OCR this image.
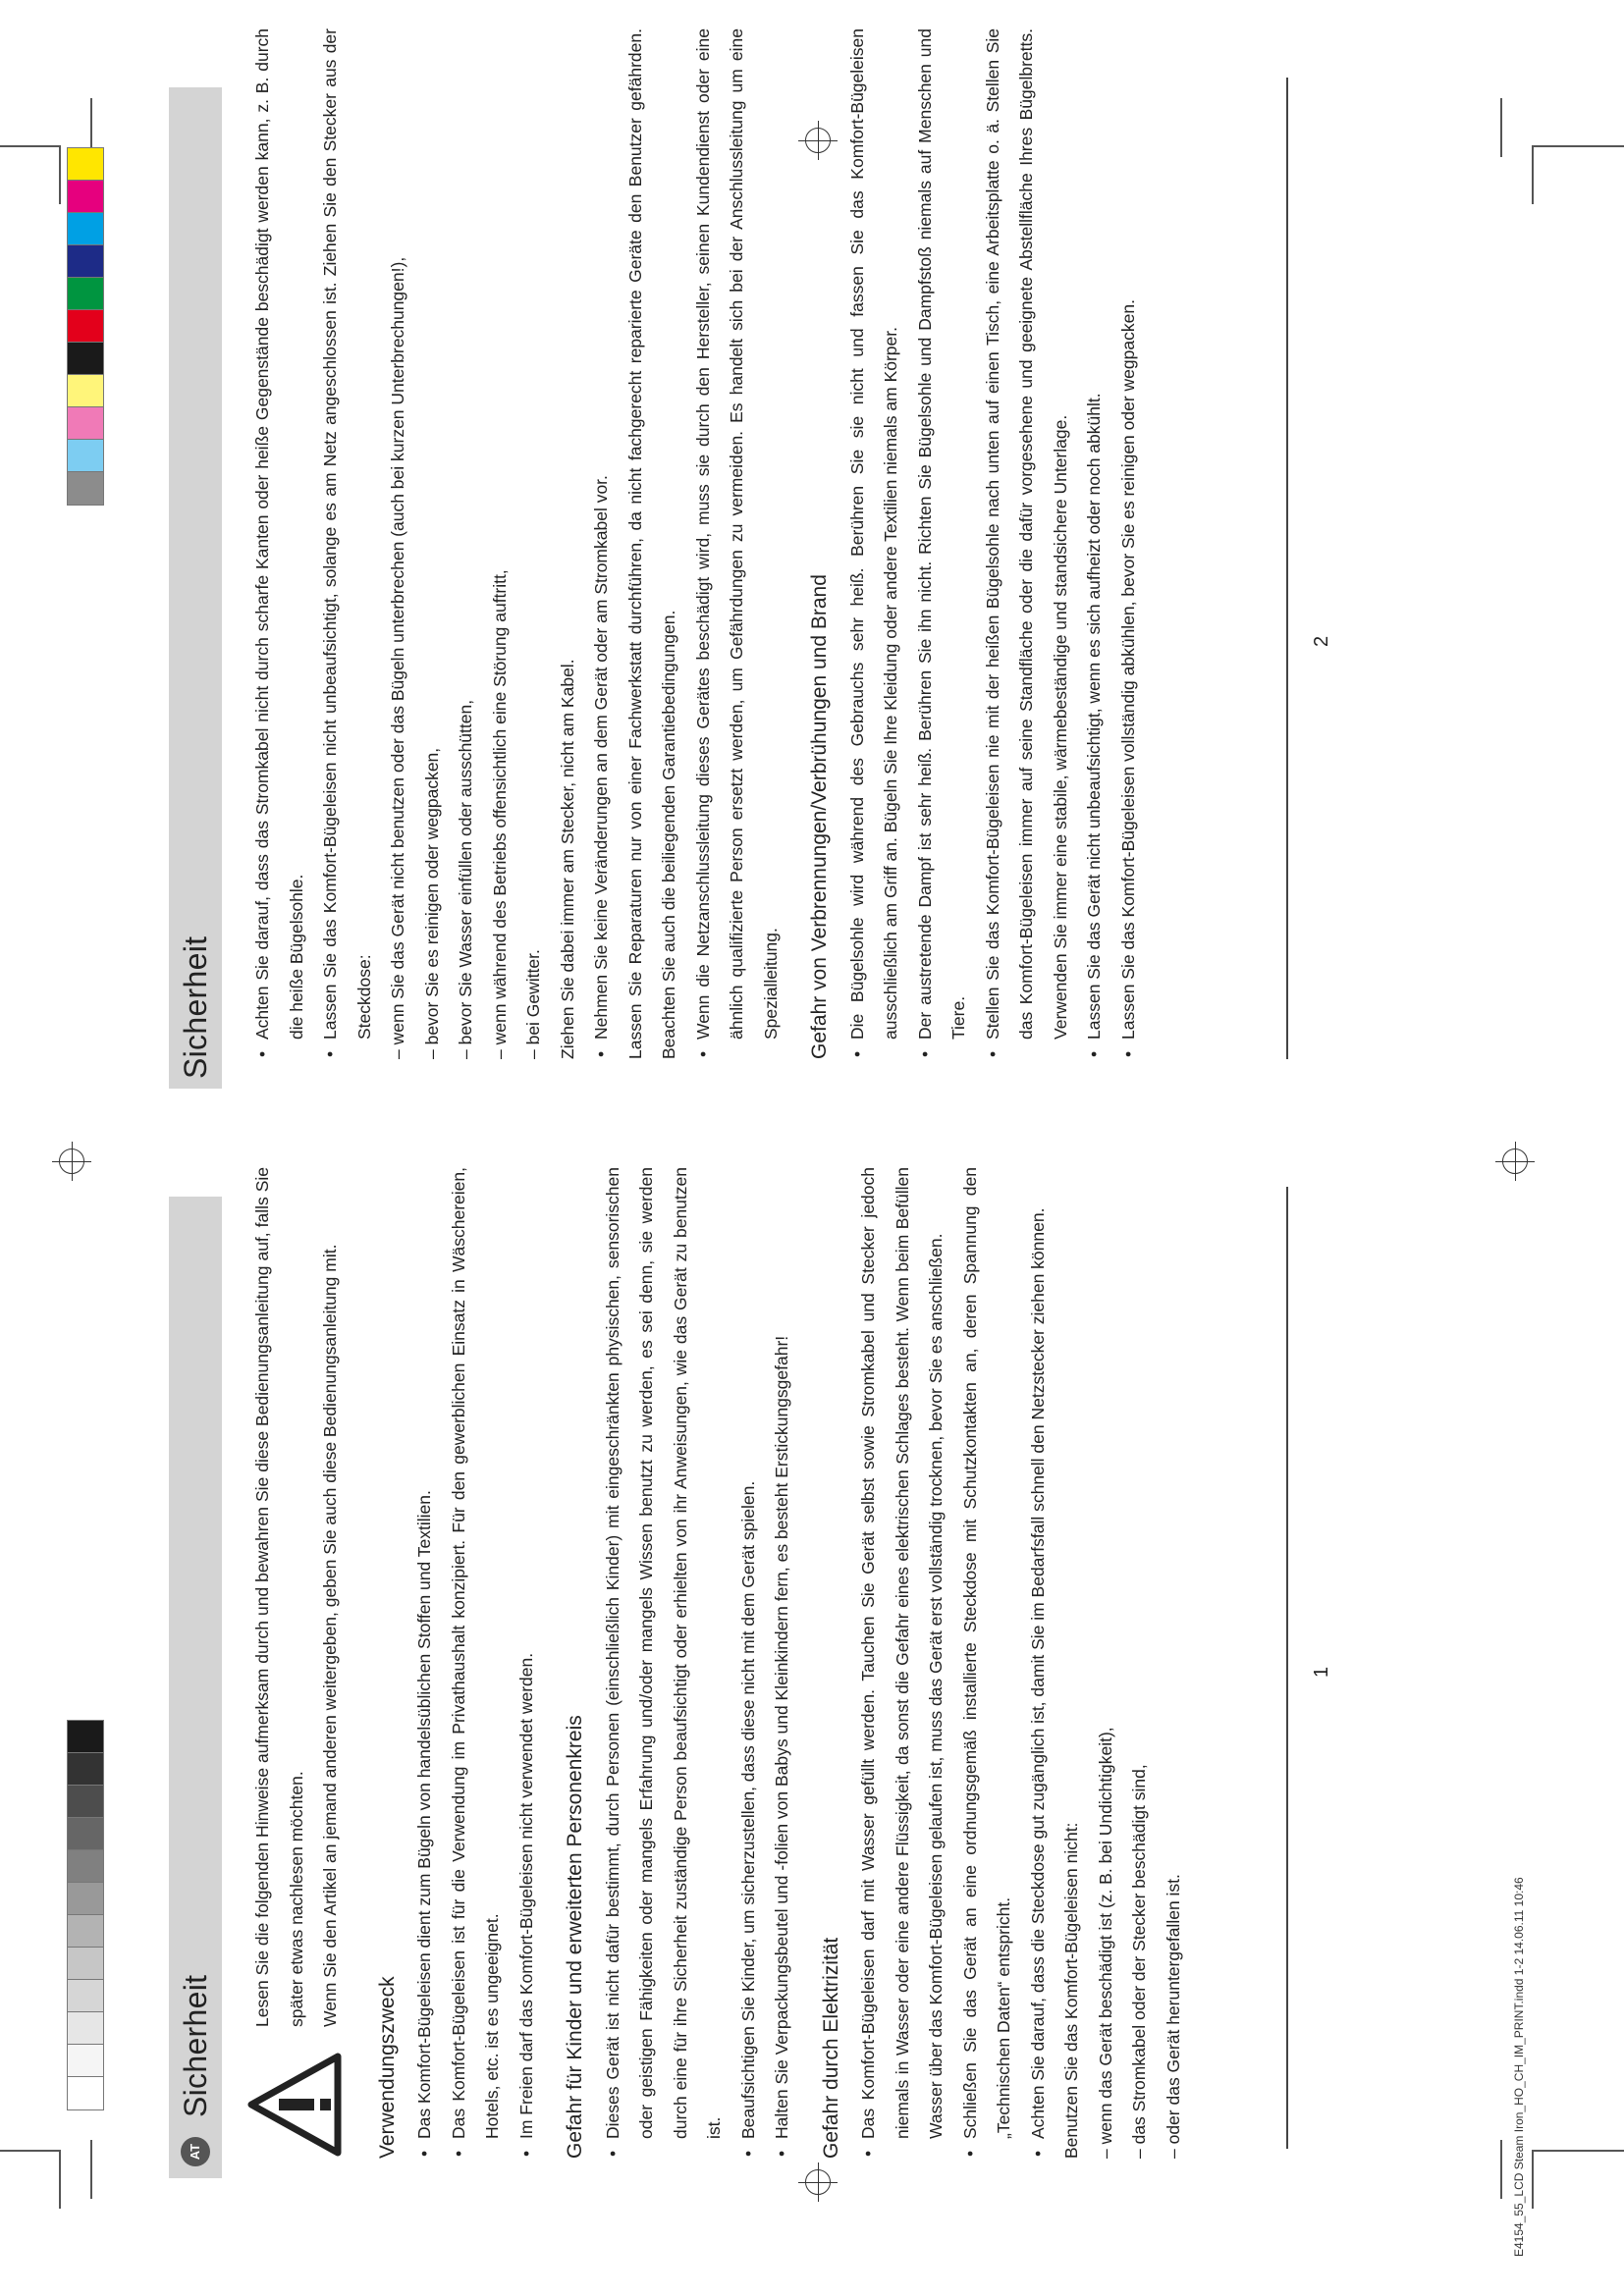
AT
Sicherheit

Lesen Sie die folgenden Hinweise aufmerksam durch und bewahren Sie diese Bedienungsanleitung auf, falls Sie später etwas nachlesen möchten. Wenn Sie den Artikel an jemand anderen weitergeben, geben Sie auch diese Bedienungsanleitung mit.

Verwendungszweck • Das Komfort-Bügeleisen dient zum Bügeln von handelsüblichen Stoffen und Textilien. • Das Komfort-Bügeleisen ist für die Verwendung im Privathaushalt konzipiert. Für den gewerblichen Einsatz in Wäschereien, Hotels, etc. ist es ungeeignet. • Im Freien darf das Komfort-Bügeleisen nicht verwendet werden.	Gefahr für Kinder und erweiterten Personenkreis • Dieses Gerät ist nicht dafür bestimmt, durch Personen (einschließlich Kinder) mit eingeschränkten physischen, sensorischen oder geistigen Fähigkeiten oder mangels Erfahrung und/oder mangels Wissen benutzt zu werden, es sei denn, sie werden durch eine für ihre Sicherheit zuständige Person beaufsichtigt oder erhielten von ihr Anweisungen, wie das Gerät zu benutzen ist. • Beaufsichtigen Sie Kinder, um sicherzustellen, dass diese nicht mit dem Gerät spielen. • Halten Sie Verpackungsbeutel und -folien von Babys und Kleinkindern fern, es besteht Erstickungsgefahr!	Gefahr durch Elektrizität • Das Komfort-Bügeleisen darf mit Wasser gefüllt werden. Tauchen Sie Gerät selbst sowie Stromkabel und Stecker jedoch niemals in Wasser oder eine andere Flüssigkeit, da sonst die Gefahr eines elektrischen Schlages besteht. Wenn beim Befüllen Wasser über das Komfort-Bügeleisen gelaufen ist, muss das Gerät erst vollständig trocknen, bevor Sie es anschließen. • Schließen Sie das Gerät an eine ordnungsgemäß installierte Steckdose mit Schutzkontakten an, deren Spannung den „Technischen Daten“ entspricht. • Achten Sie darauf, dass die Steckdose gut zugänglich ist, damit Sie im Bedarfsfall schnell den Netzstecker ziehen können. Benutzen Sie das Komfort-Bügeleisen nicht: – wenn das Gerät beschädigt ist (z. B. bei Undichtigkeit), – das Stromkabel oder der Stecker beschädigt sind, – oder das Gerät heruntergefallen ist.

1
E4154_55_LCD Steam Iron_HO_CH_IM_PRINT.indd 1-2 14.06.11 10:46
Sicherheit	• Achten Sie darauf, dass das Stromkabel nicht durch scharfe Kanten oder heiße Gegenstände beschädigt werden kann, z. B. durch die heiße Bügelsohle. • Lassen Sie das Komfort-Bügeleisen nicht unbeaufsichtigt, solange es am Netz angeschlossen ist. Ziehen Sie den Stecker aus der Steckdose: – wenn Sie das Gerät nicht benutzen oder das Bügeln unterbrechen (auch bei kurzen Unterbrechungen!), – bevor Sie es reinigen oder wegpacken, – bevor Sie Wasser einfüllen oder ausschütten, – wenn während des Betriebs offensichtlich eine Störung auftritt, – bei Gewitter. Ziehen Sie dabei immer am Stecker, nicht am Kabel. • Nehmen Sie keine Veränderungen an dem Gerät oder am Stromkabel vor. Lassen Sie Reparaturen nur von einer Fachwerkstatt durchführen, da nicht fachgerecht reparierte Geräte den Benutzer gefährden. Beachten Sie auch die beiliegenden Garantiebedingungen. • Wenn die Netzanschlussleitung dieses Gerätes beschädigt wird, muss sie durch den Hersteller, seinen Kundendienst oder eine ähnlich qualifizierte Person ersetzt werden, um Gefährdungen zu vermeiden. Es handelt sich bei der Anschlussleitung um eine Spezialleitung.	Gefahr von Verbrennungen/Verbrühungen und Brand • Die Bügelsohle wird während des Gebrauchs sehr heiß. Berühren Sie sie nicht und fassen Sie das Komfort-Bügeleisen ausschließlich am Griff an. Bügeln Sie Ihre Kleidung oder andere Textilien niemals am Körper. • Der austretende Dampf ist sehr heiß. Berühren Sie ihn nicht. Richten Sie Bügelsohle und Dampfstoß niemals auf Menschen und Tiere. • Stellen Sie das Komfort-Bügeleisen nie mit der heißen Bügelsohle nach unten auf einen Tisch, eine Arbeitsplatte o. ä. Stellen Sie das Komfort-Bügeleisen immer auf seine Standfläche oder die dafür vorgesehene und geeignete Abstellfläche Ihres Bügelbretts. Verwenden Sie immer eine stabile, wärmebeständige und standsichere Unterlage. • Lassen Sie das Gerät nicht unbeaufsichtigt, wenn es sich aufheizt oder noch abkühlt. • Lassen Sie das Komfort-Bügeleisen vollständig abkühlen, bevor Sie es reinigen oder wegpacken.	2
